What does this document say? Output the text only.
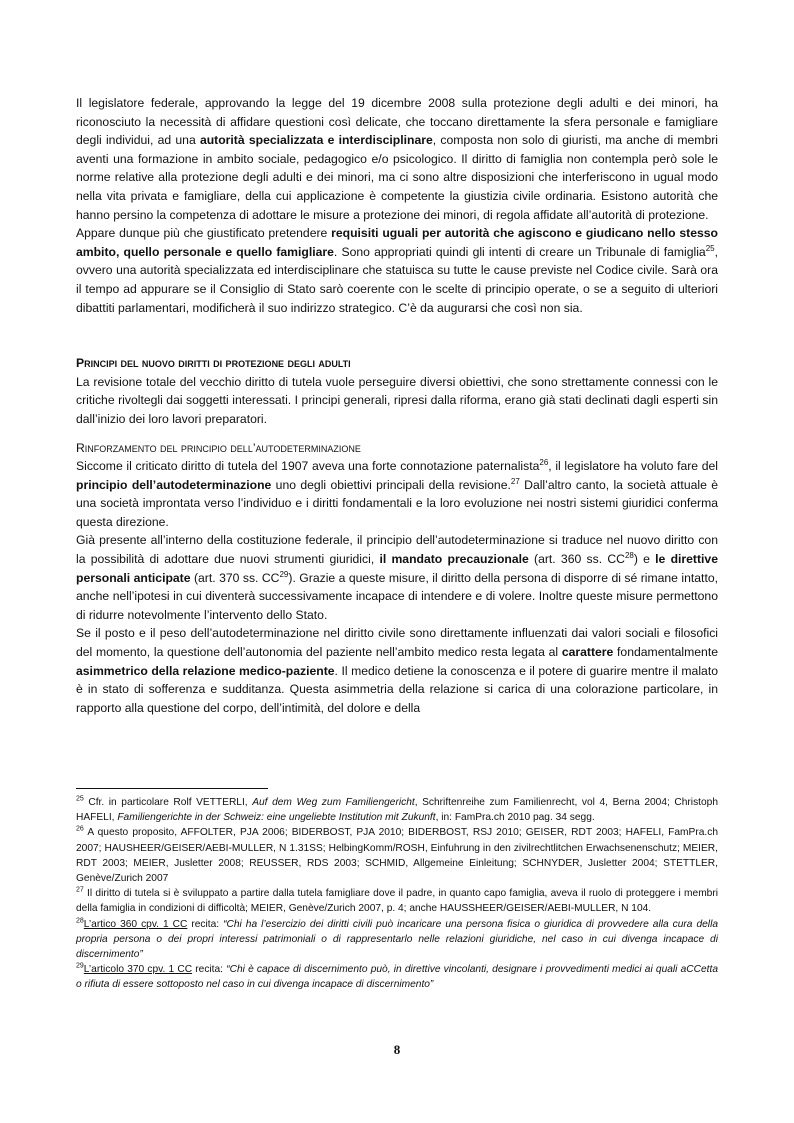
Il legislatore federale, approvando la legge del 19 dicembre 2008 sulla protezione degli adulti e dei minori, ha riconosciuto la necessità di affidare questioni così delicate, che toccano direttamente la sfera personale e famigliare degli individui, ad una autorità specializzata e interdisciplinare, composta non solo di giuristi, ma anche di membri aventi una formazione in ambito sociale, pedagogico e/o psicologico. Il diritto di famiglia non contempla però sole le norme relative alla protezione degli adulti e dei minori, ma ci sono altre disposizioni che interferiscono in ugual modo nella vita privata e famigliare, della cui applicazione è competente la giustizia civile ordinaria. Esistono autorità che hanno persino la competenza di adottare le misure a protezione dei minori, di regola affidate all’autorità di protezione.

Appare dunque più che giustificato pretendere requisiti uguali per autorità che agiscono e giudicano nello stesso ambito, quello personale e quello famigliare. Sono appropriati quindi gli intenti di creare un Tribunale di famiglia$^{25}$, ovvero una autorità specializzata ed interdisciplinare che statuisca su tutte le cause previste nel Codice civile. Sarà ora il tempo ad appurare se il Consiglio di Stato sarò coerente con le scelte di principio operate, o se a seguito di ulteriori dibattiti parlamentari, modificherà il suo indirizzo strategico. C’è da augurarsi che così non sia.

Principi del nuovo diritti di protezione degli adulti

La revisione totale del vecchio diritto di tutela vuole perseguire diversi obiettivi, che sono strettamente connessi con le critiche rivoltegli dai soggetti interessati. I principi generali, ripresi dalla riforma, erano già stati declinati dagli esperti sin dall’inizio dei loro lavori preparatori.

Rinforzamento del principio dell’autodeterminazione

Siccome il criticato diritto di tutela del 1907 aveva una forte connotazione paternalista$^{26}$, il legislatore ha voluto fare del principio dell’autodeterminazione uno degli obiettivi principali della revisione.$^{27}$ Dall’altro canto, la società attuale è una società improntata verso l’individuo e i diritti fondamentali e la loro evoluzione nei nostri sistemi giuridici conferma questa direzione.

Già presente all’interno della costituzione federale, il principio dell’autodeterminazione si traduce nel nuovo diritto con la possibilità di adottare due nuovi strumenti giuridici, il mandato precauzionale (art. 360 ss. CC$^{28}$) e le direttive personali anticipate (art. 370 ss. CC$^{29}$). Grazie a queste misure, il diritto della persona di disporre di sé rimane intatto, anche nell’ipotesi in cui diventerà successivamente incapace di intendere e di volere. Inoltre queste misure permettono di ridurre notevolmente l’intervento dello Stato.

Se il posto e il peso dell’autodeterminazione nel diritto civile sono direttamente influenzati dai valori sociali e filosofici del momento, la questione dell’autonomia del paziente nell’ambito medico resta legata al carattere fondamentalmente asimmetrico della relazione medico-paziente. Il medico detiene la conoscenza e il potere di guarire mentre il malato è in stato di sofferenza e sudditanza. Questa asimmetria della relazione si carica di una colorazione particolare, in rapporto alla questione del corpo, dell’intimità, del dolore e della

$^{25}$ Cfr. in particolare Rolf VETTERLI, Auf dem Weg zum Familiengericht, Schriftenreihe zum Familienrecht, vol 4, Berna 2004; Christoph HAFELI, Familiengerichte in der Schweiz: eine ungeliebte Institution mit Zukunft, in: FamPra.ch 2010 pag. 34 segg.

$^{26}$ A questo proposito, AFFOLTER, PJA 2006; BIDERBOST, PJA 2010; BIDERBOST, RSJ 2010; GEISER, RDT 2003; HAFELI, FamPra.ch 2007; HAUSHEER/GEISER/AEBI-MULLER, N 1.31SS; HelbingKomm/ROSH, Einfuhrung in den zivilrechtlitchen Erwachsenenschutz; MEIER, RDT 2003; MEIER, Jusletter 2008; REUSSER, RDS 2003; SCHMID, Allgemeine Einleitung; SCHNYDER, Jusletter 2004; STETTLER, Genève/Zurich 2007

$^{27}$ Il diritto di tutela si è sviluppato a partire dalla tutela famigliare dove il padre, in quanto capo famiglia, aveva il ruolo di proteggere i membri della famiglia in condizioni di difficoltà; MEIER, Genève/Zurich 2007, p. 4; anche HAUSSHEER/GEISER/AEBI-MULLER, N 104.

$^{28}$L’artico 360 cpv. 1 CC recita: “Chi ha l’esercizio dei diritti civili può incaricare una persona fisica o giuridica di provvedere alla cura della propria persona o dei propri interessi patrimoniali o di rappresentarlo nelle relazioni giuridiche, nel caso in cui divenga incapace di discernimento”

$^{29}$L’articolo 370 cpv. 1 CC recita: “Chi è capace di discernimento può, in direttive vincolanti, designare i provvedimenti medici ai quali aCCetta o rifiuta di essere sottoposto nel caso in cui divenga incapace di discernimento”

8
